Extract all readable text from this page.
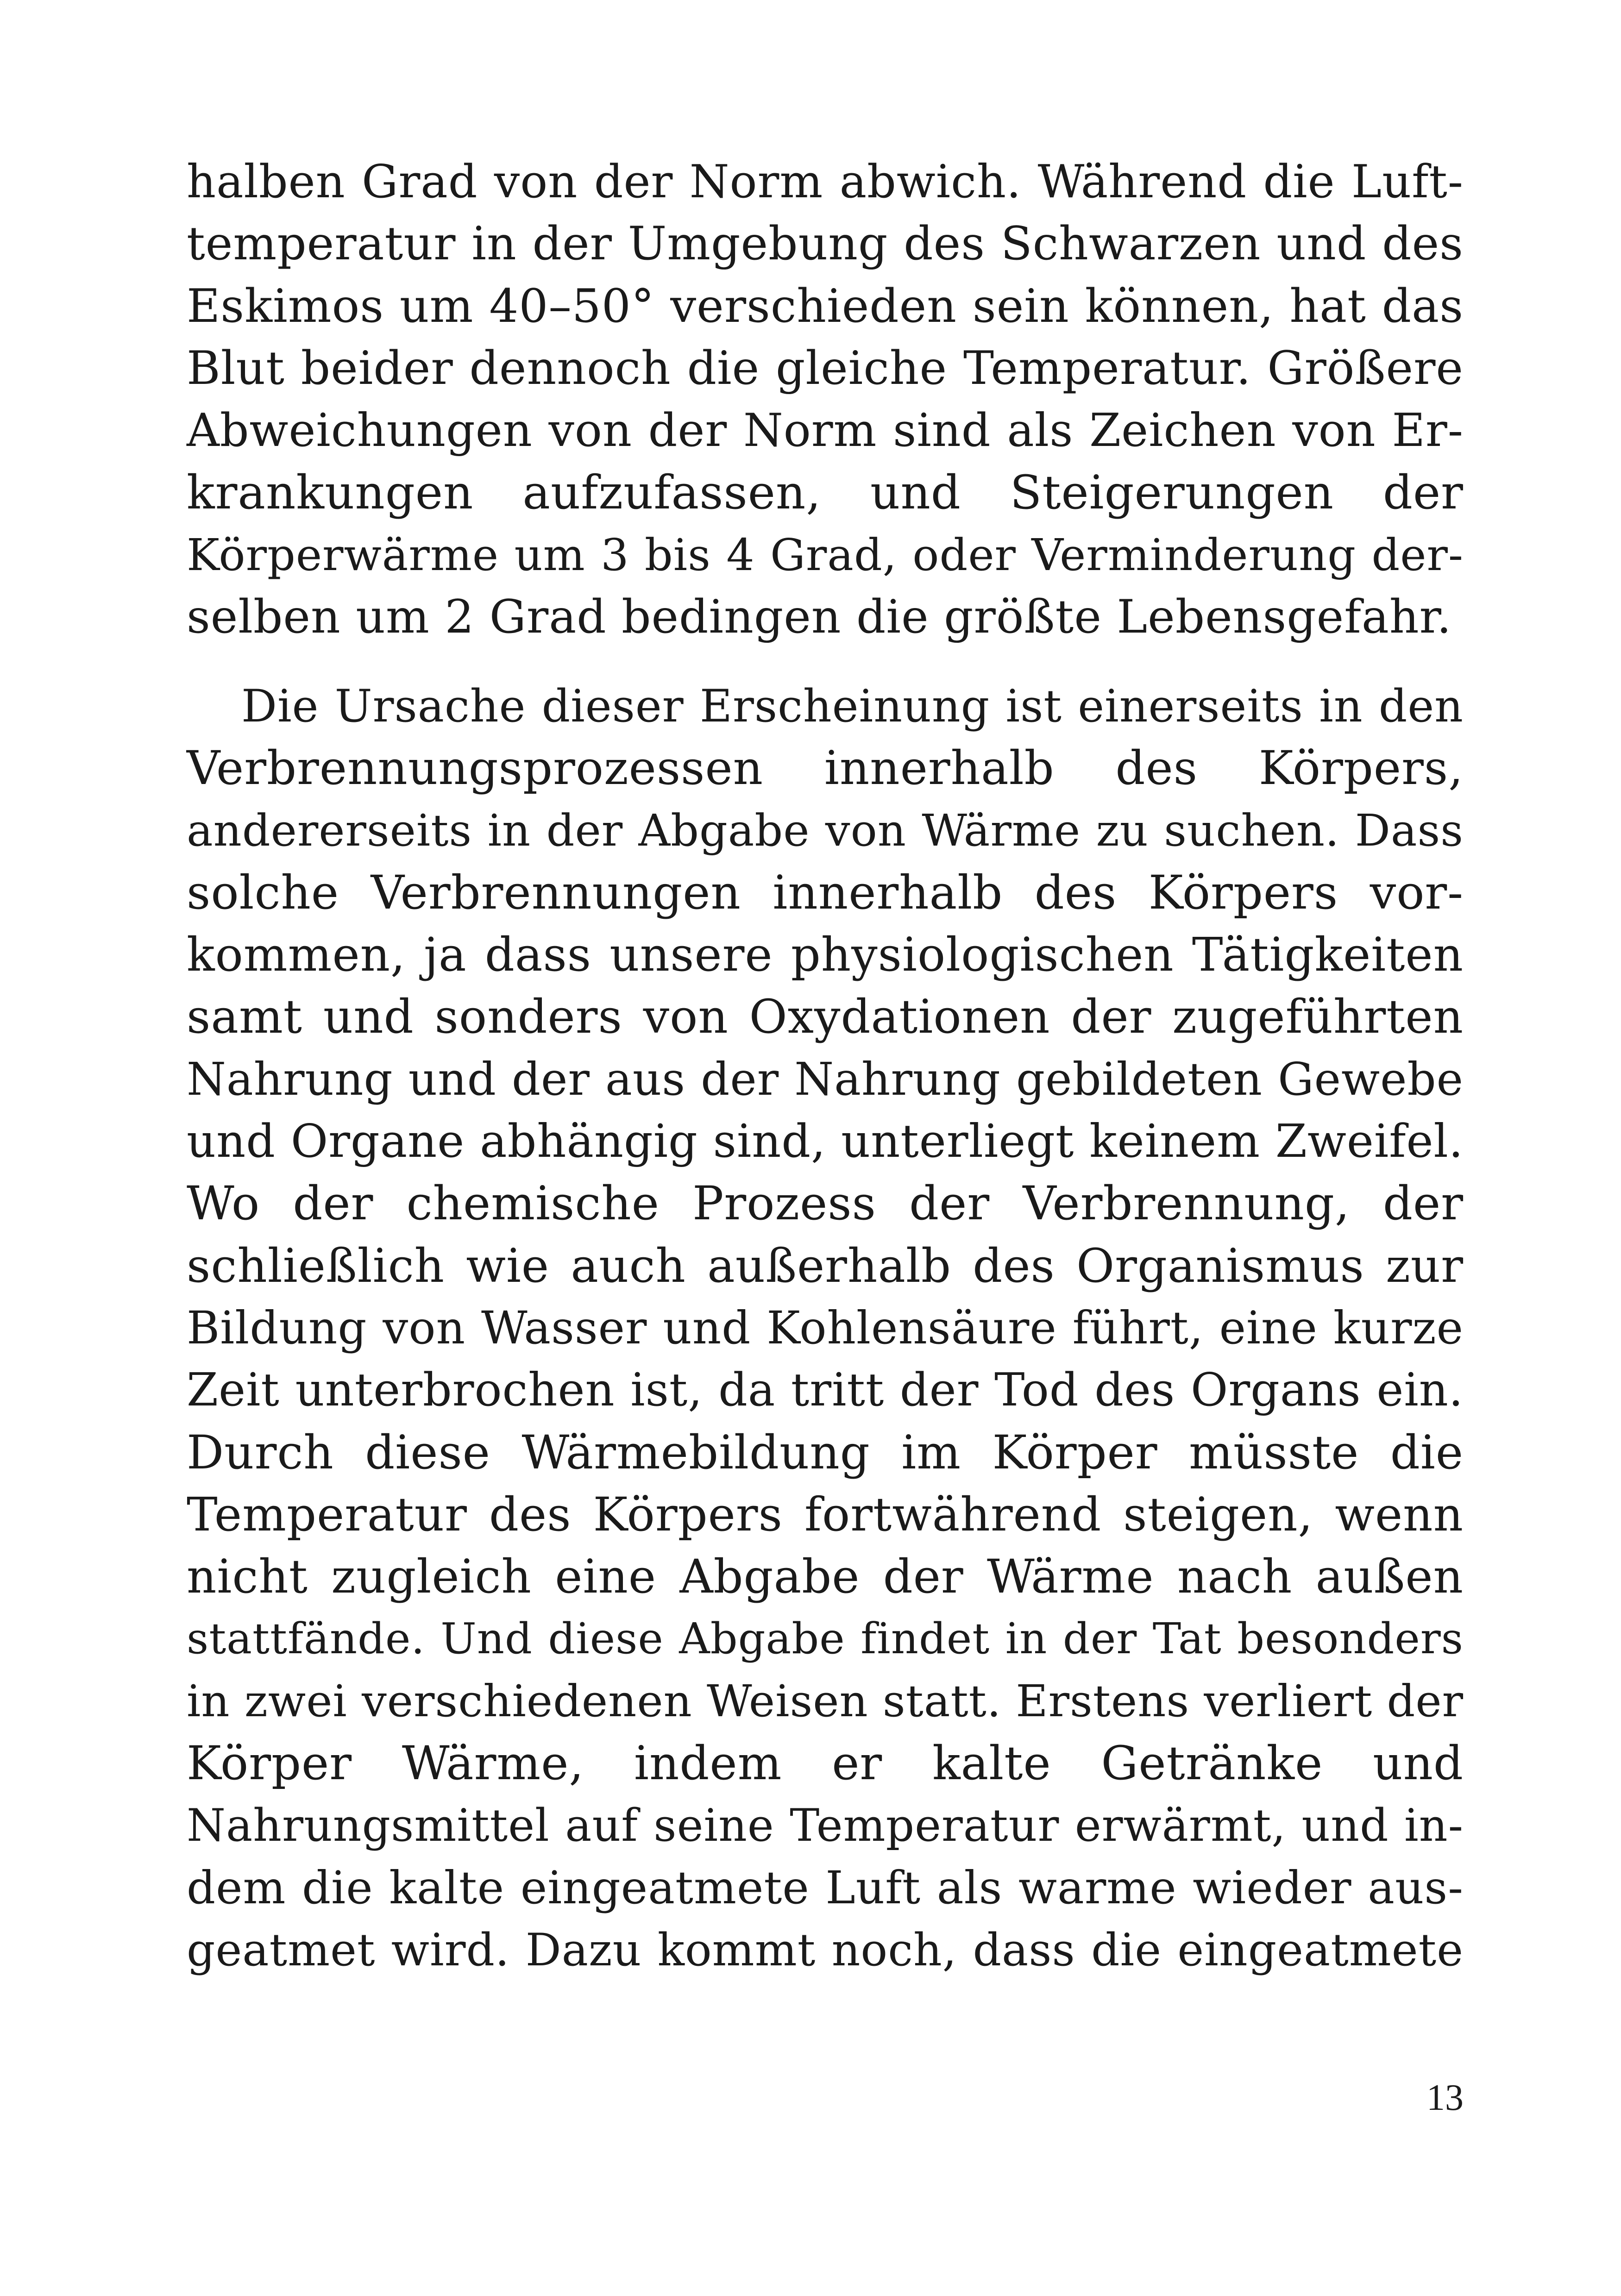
halben Grad von der Norm abwich. Während die Luft-
temperatur in der Umgebung des Schwarzen und des
Eskimos um 40–50° verschieden sein können, hat das
Blut beider dennoch die gleiche Temperatur. Größere
Abweichungen von der Norm sind als Zeichen von Er-
krankungen aufzufassen, und Steigerungen der
Körperwärme um 3 bis 4 Grad, oder Verminderung der-
selben um 2 Grad bedingen die größte Lebensgefahr.
Die Ursache dieser Erscheinung ist einerseits in den
Verbrennungsprozessen innerhalb des Körpers,
andererseits in der Abgabe von Wärme zu suchen. Dass
solche Verbrennungen innerhalb des Körpers vor-
kommen, ja dass unsere physiologischen Tätigkeiten
samt und sonders von Oxydationen der zugeführten
Nahrung und der aus der Nahrung gebildeten Gewebe
und Organe abhängig sind, unterliegt keinem Zweifel.
Wo der chemische Prozess der Verbrennung, der
schließlich wie auch außerhalb des Organismus zur
Bildung von Wasser und Kohlensäure führt, eine kurze
Zeit unterbrochen ist, da tritt der Tod des Organs ein.
Durch diese Wärmebildung im Körper müsste die
Temperatur des Körpers fortwährend steigen, wenn
nicht zugleich eine Abgabe der Wärme nach außen
stattfände. Und diese Abgabe findet in der Tat besonders
in zwei verschiedenen Weisen statt. Erstens verliert der
Körper Wärme, indem er kalte Getränke und
Nahrungsmittel auf seine Temperatur erwärmt, und in-
dem die kalte eingeatmete Luft als warme wieder aus-
geatmet wird. Dazu kommt noch, dass die eingeatmete
13
